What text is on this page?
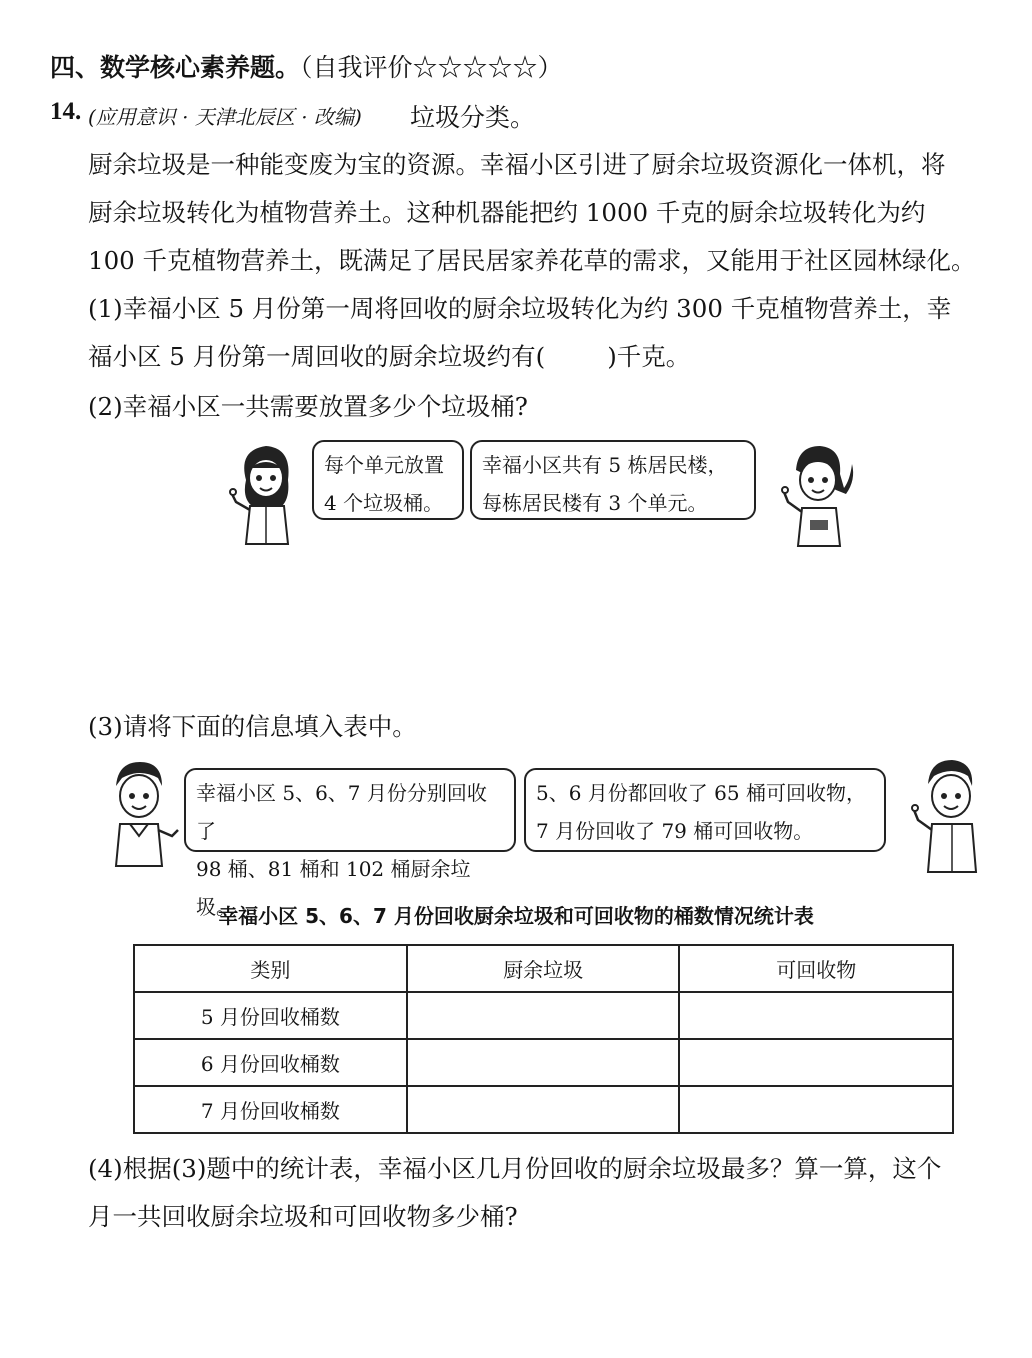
四、数学核心素养题。（自我评价☆☆☆☆☆）
14. (应用意识 · 天津北辰区 · 改编) 垃圾分类。
厨余垃圾是一种能变废为宝的资源。幸福小区引进了厨余垃圾资源化一体机，将
厨余垃圾转化为植物营养土。这种机器能把约 1000 千克的厨余垃圾转化为约
100 千克植物营养土，既满足了居民居家养花草的需求，又能用于社区园林绿化。
(1)幸福小区 5 月份第一周将回收的厨余垃圾转化为约 300 千克植物营养土，幸
福小区 5 月份第一周回收的厨余垃圾约有(	)千克。
(2)幸福小区一共需要放置多少个垃圾桶?
每个单元放置
4 个垃圾桶。
幸福小区共有 5 栋居民楼，
每栋居民楼有 3 个单元。
(3)请将下面的信息填入表中。
幸福小区 5、6、7 月份分别回收了
98 桶、81 桶和 102 桶厨余垃圾。
5、6 月份都回收了 65 桶可回收物，
7 月份回收了 79 桶可回收物。
幸福小区 5、6、7 月份回收厨余垃圾和可回收物的桶数情况统计表
类别	厨余垃圾	可回收物
5 月份回收桶数		
6 月份回收桶数		
7 月份回收桶数		
(4)根据(3)题中的统计表，幸福小区几月份回收的厨余垃圾最多？算一算，这个
月一共回收厨余垃圾和可回收物多少桶?
